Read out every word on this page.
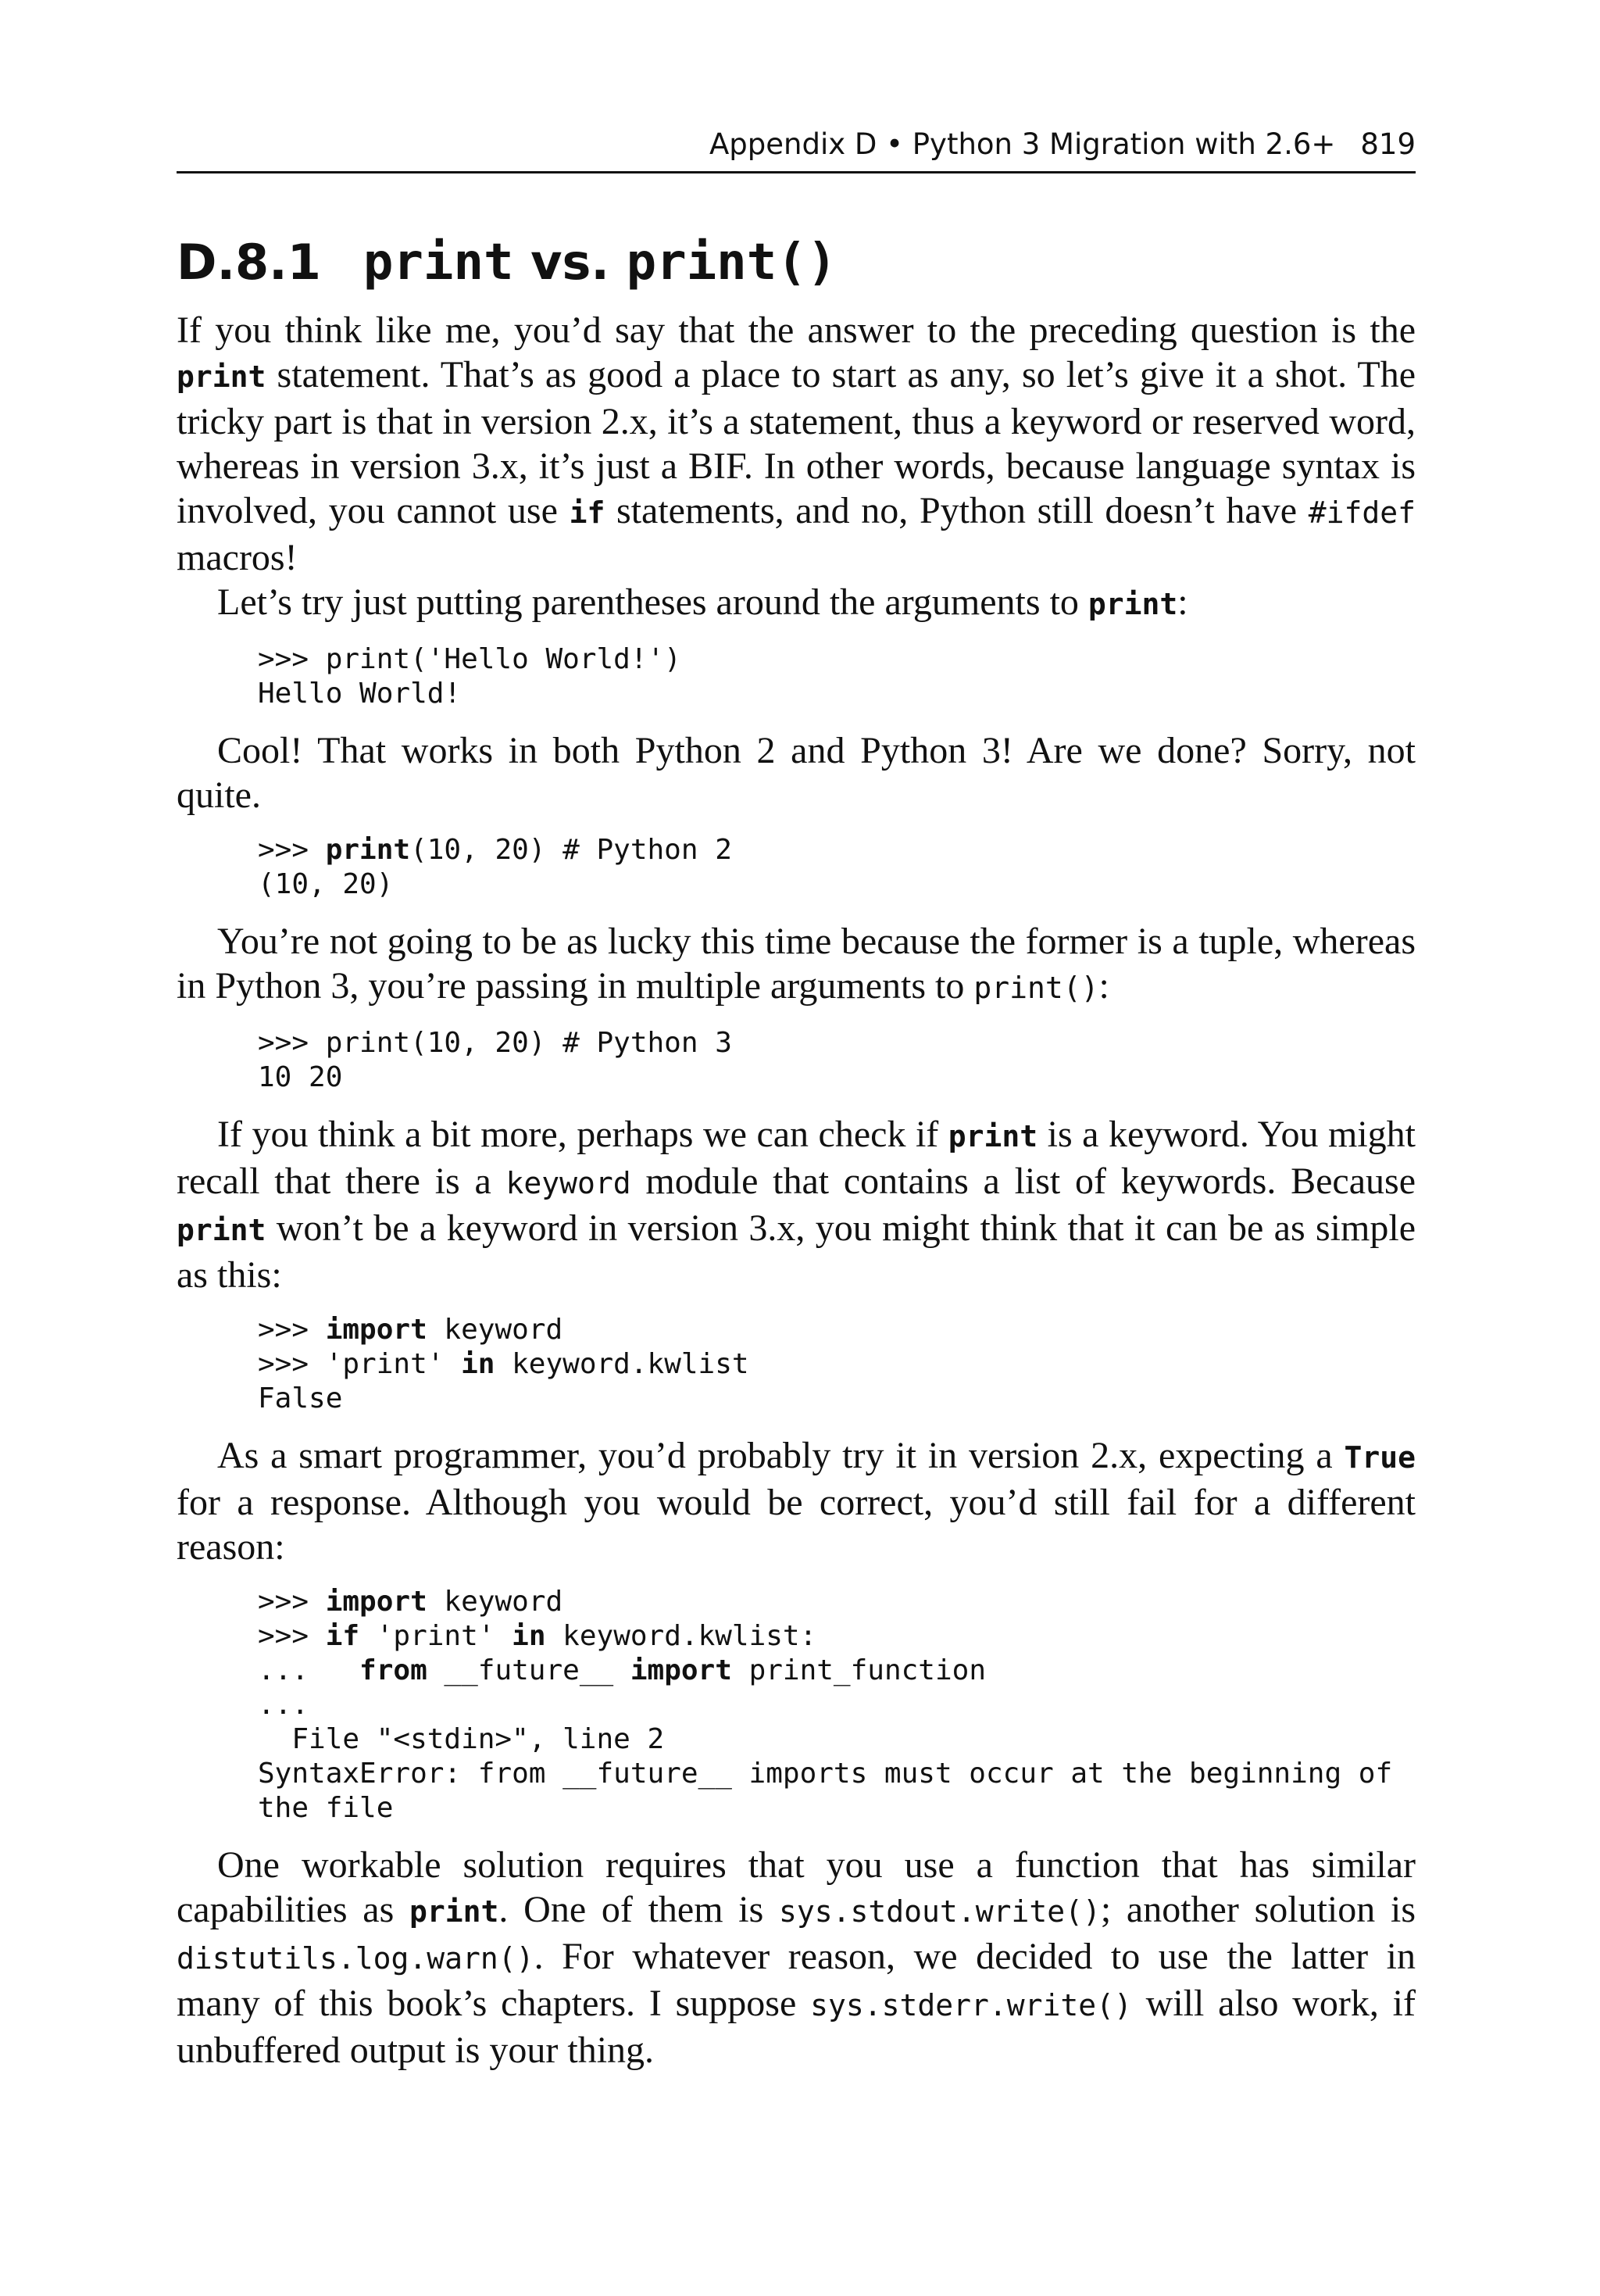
Appendix D • Python 3 Migration with 2.6+ 819
D.8.1 print vs. print()

If you think like me, you’d say that the answer to the preceding question is the print statement. That’s as good a place to start as any, so let’s give it a shot. The tricky part is that in version 2.x, it’s a statement, thus a keyword or reserved word, whereas in version 3.x, it’s just a BIF. In other words, because language syntax is involved, you cannot use if statements, and no, Python still doesn’t have #ifdef macros!

Let’s try just putting parentheses around the arguments to print:

>>> print('Hello World!')
Hello World!

Cool! That works in both Python 2 and Python 3! Are we done? Sorry, not quite.

>>> print(10, 20) # Python 2
(10, 20)

You’re not going to be as lucky this time because the former is a tuple, whereas in Python 3, you’re passing in multiple arguments to print():

>>> print(10, 20) # Python 3
10 20

If you think a bit more, perhaps we can check if print is a keyword. You might recall that there is a keyword module that contains a list of keywords. Because print won’t be a keyword in version 3.x, you might think that it can be as simple as this:

>>> import keyword
>>> 'print' in keyword.kwlist
False

As a smart programmer, you’d probably try it in version 2.x, expecting a True for a response. Although you would be correct, you’d still fail for a different reason:

>>> import keyword
>>> if 'print' in keyword.kwlist:
...   from __future__ import print_function
...
File "<stdin>", line 2
SyntaxError: from __future__ imports must occur at the beginning of
the file

One workable solution requires that you use a function that has similar capabilities as print. One of them is sys.stdout.write(); another solution is distutils.log.warn(). For whatever reason, we decided to use the latter in many of this book’s chapters. I suppose sys.stderr.write() will also work, if unbuffered output is your thing.
